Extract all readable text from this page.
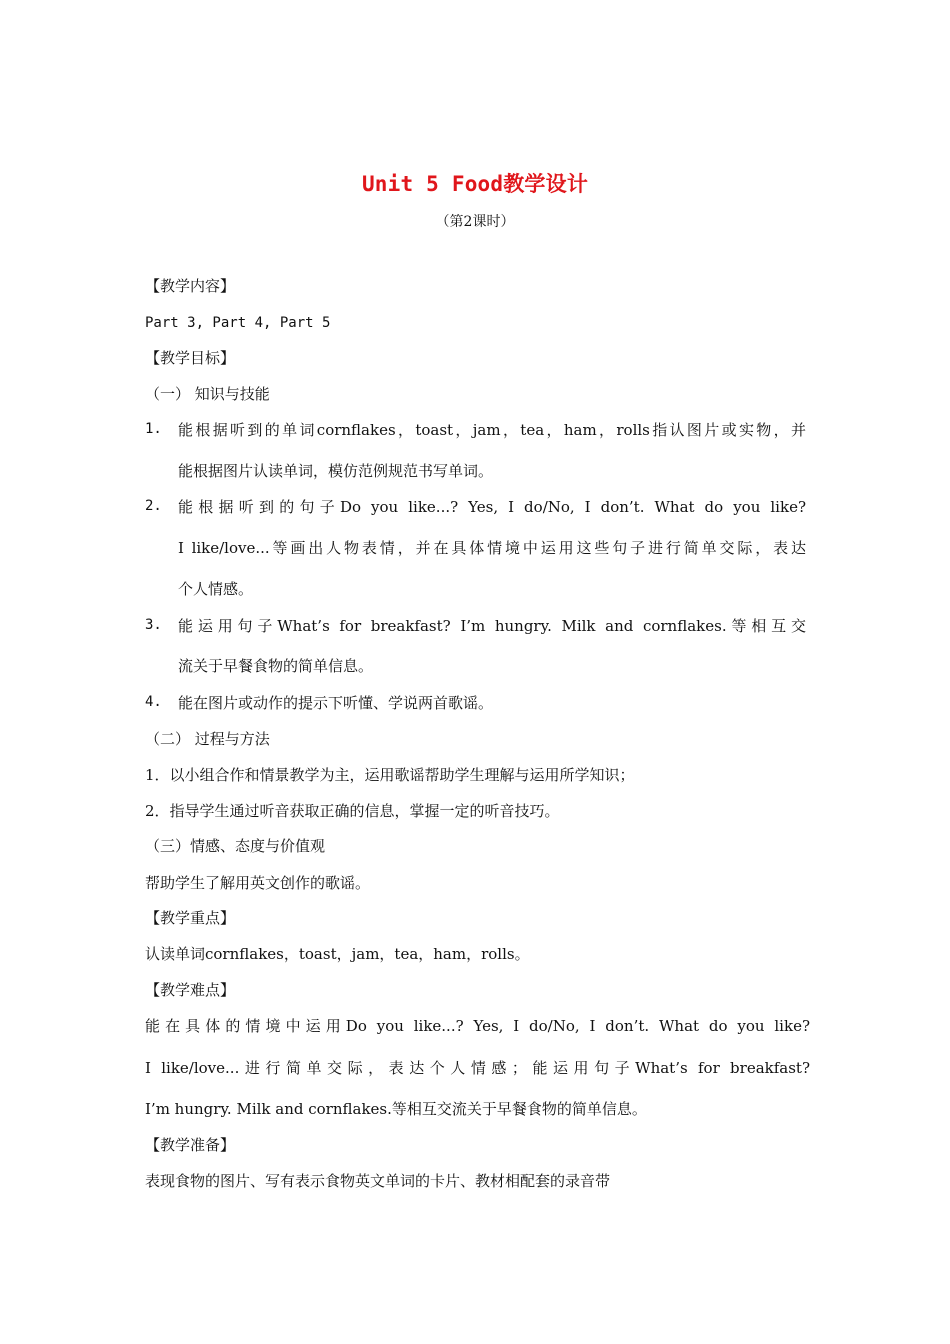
Unit 5 Food教学设计
（第2课时）
【教学内容】
Part 3, Part 4, Part 5
【教学目标】
（一） 知识与技能
1. 能根据听到的单词cornflakes，toast，jam，tea，ham，rolls指认图片或实物，并
能根据图片认读单词，模仿范例规范书写单词。
2. 能根据听到的句子Do you like...? Yes, I do/No, I don’t. What do you like?
I like/love...等画出人物表情，并在具体情境中运用这些句子进行简单交际，表达
个人情感。
3. 能运用句子What’s for breakfast? I’m hungry. Milk and cornflakes.等相互交
流关于早餐食物的简单信息。
4. 能在图片或动作的提示下听懂、学说两首歌谣。
（二） 过程与方法
1．以小组合作和情景教学为主，运用歌谣帮助学生理解与运用所学知识；
2．指导学生通过听音获取正确的信息，掌握一定的听音技巧。
（三）情感、态度与价值观
帮助学生了解用英文创作的歌谣。
【教学重点】
认读单词cornflakes，toast，jam，tea，ham，rolls。
【教学难点】
能在具体的情境中运用Do you like...? Yes, I do/No, I don’t. What do you like?
I like/love...进行简单交际，表达个人情感；能运用句子What’s for breakfast?
I’m hungry. Milk and cornflakes.等相互交流关于早餐食物的简单信息。
【教学准备】
表现食物的图片、写有表示食物英文单词的卡片、教材相配套的录音带
